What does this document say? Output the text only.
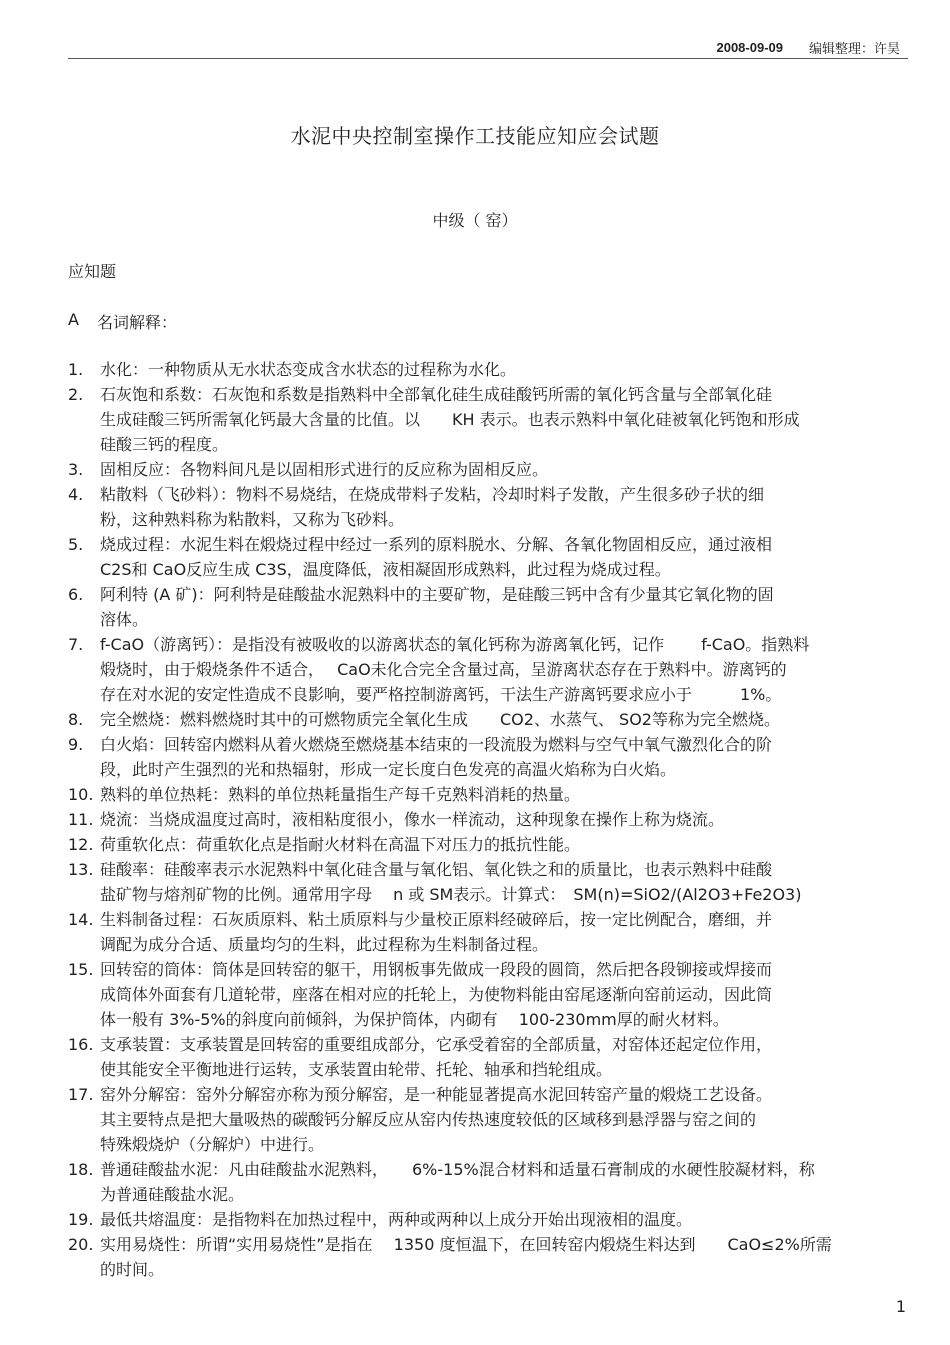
2008-09-09 编辑整理：许昊
水泥中央控制室操作工技能应知应会试题
中级（ 窑）
应知题
A 名词解释：
1.	水化：一种物质从无水状态变成含水状态的过程称为水化。
2.	石灰饱和系数：石灰饱和系数是指熟料中全部氧化硅生成硅酸钙所需的氧化钙含量与全部氧化硅
生成硅酸三钙所需氧化钙最大含量的比值。以　　KH 表示。也表示熟料中氧化硅被氧化钙饱和形成
硅酸三钙的程度。
3.	固相反应：各物料间凡是以固相形式进行的反应称为固相反应。
4.	粘散料（飞砂料）：物料不易烧结，在烧成带料子发粘，冷却时料子发散，产生很多砂子状的细
粉，这种熟料称为粘散料，又称为飞砂料。
5.	烧成过程：水泥生料在煅烧过程中经过一系列的原料脱水、分解、各氧化物固相反应，通过液相
C2S和 CaO反应生成 C3S，温度降低，液相凝固形成熟料，此过程为烧成过程。
6.	阿利特 (A 矿)：阿利特是硅酸盐水泥熟料中的主要矿物，是硅酸三钙中含有少量其它氧化物的固
溶体。
7.	f-CaO（游离钙）：是指没有被吸收的以游离状态的氧化钙称为游离氧化钙，记作　　 f-CaO。指熟料
煅烧时，由于煅烧条件不适合，　 CaO未化合完全含量过高，呈游离状态存在于熟料中。游离钙的
存在对水泥的安定性造成不良影响，要严格控制游离钙，干法生产游离钙要求应小于　　　1%。
8.	完全燃烧：燃料燃烧时其中的可燃物质完全氧化生成　　CO2、水蒸气、 SO2等称为完全燃烧。
9.	白火焰：回转窑内燃料从着火燃烧至燃烧基本结束的一段流股为燃料与空气中氧气激烈化合的阶
段，此时产生强烈的光和热辐射，形成一定长度白色发亮的高温火焰称为白火焰。
10. 熟料的单位热耗：熟料的单位热耗量指生产每千克熟料消耗的热量。
11. 烧流：当烧成温度过高时，液相粘度很小，像水一样流动，这种现象在操作上称为烧流。
12. 荷重软化点：荷重软化点是指耐火材料在高温下对压力的抵抗性能。
13. 硅酸率：硅酸率表示水泥熟料中氧化硅含量与氧化铝、氧化铁之和的质量比，也表示熟料中硅酸
盐矿物与熔剂矿物的比例。通常用字母　 n 或 SM表示。计算式：　SM(n)=SiO2/(Al2O3+Fe2O3)
14. 生料制备过程：石灰质原料、粘土质原料与少量校正原料经破碎后，按一定比例配合，磨细，并
调配为成分合适、质量均匀的生料，此过程称为生料制备过程。
15. 回转窑的筒体：筒体是回转窑的躯干，用钢板事先做成一段段的圆筒，然后把各段铆接或焊接而
成筒体外面套有几道轮带，座落在相对应的托轮上，为使物料能由窑尾逐渐向窑前运动，因此筒
体一般有 3%-5%的斜度向前倾斜，为保护筒体，内砌有　 100-230mm厚的耐火材料。
16. 支承装置：支承装置是回转窑的重要组成部分，它承受着窑的全部质量，对窑体还起定位作用，
使其能安全平衡地进行运转，支承装置由轮带、托轮、轴承和挡轮组成。
17. 窑外分解窑：窑外分解窑亦称为预分解窑，是一种能显著提高水泥回转窑产量的煅烧工艺设备。
其主要特点是把大量吸热的碳酸钙分解反应从窑内传热速度较低的区域移到悬浮器与窑之间的
特殊煅烧炉（分解炉）中进行。
18. 普通硅酸盐水泥：凡由硅酸盐水泥熟料，　　6%-15%混合材料和适量石膏制成的水硬性胶凝材料，称
为普通硅酸盐水泥。
19. 最低共熔温度：是指物料在加热过程中，两种或两种以上成分开始出现液相的温度。
20. 实用易烧性：所谓“实用易烧性”是指在　 1350 度恒温下，在回转窑内煅烧生料达到　　CaO≤2%所需
的时间。
1
